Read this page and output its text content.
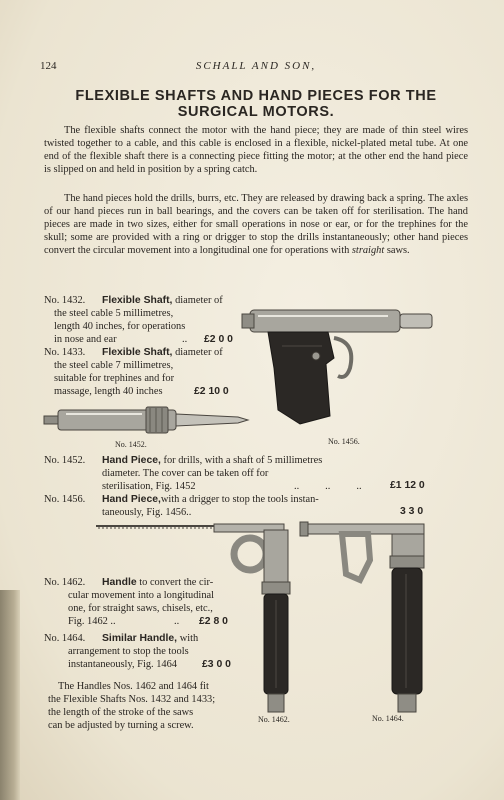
124	SCHALL AND SON,
FLEXIBLE SHAFTS AND HAND PIECES FOR THE
SURGICAL MOTORS.
The flexible shafts connect the motor with the hand piece; they are made of thin steel wires twisted together to a cable, and this cable is enclosed in a flexible, nickel-plated metal tube. At one end of the flexible shaft there is a connecting piece fitting the motor; at the other end the hand piece is slipped on and held in position by a spring catch.
The hand pieces hold the drills, burrs, etc. They are released by drawing back a spring. The axles of our hand pieces run in ball bearings, and the covers can be taken off for sterilisation. The hand pieces are made in two sizes, either for small operations in nose or ear, or for the trephines for the skull; some are provided with a ring or drigger to stop the drills instantaneously; other hand pieces convert the circular movement into a longitudinal one for operations with straight saws.
No. 1432. Flexible Shaft, diameter of
the steel cable 5 millimetres,
length 40 inches, for operations
in nose and ear	.. £2 0 0
No. 1433. Flexible Shaft, diameter of
the steel cable 7 millimetres,
suitable for trephines and for
massage, length 40 inches	£2 10 0
No. 1452.	No. 1456.
No. 1452. Hand Piece, for drills, with a shaft of 5 millimetres
diameter. The cover can be taken off for
sterilisation, Fig. 1452	..          ..          ..	£1 12 0
No. 1456. Hand Piece,with a drigger to stop the tools instan-
taneously, Fig. 1456..	3 3 0
No. 1462. Handle to convert the cir-
cular movement into a longitudinal
one, for straight saws, chisels, etc.,
Fig. 1462 ..	.. £2 8 0
No. 1464. Similar Handle, with
arrangement to stop the tools
instantaneously, Fig. 1464 £3 0 0
The Handles Nos. 1462 and 1464 fit
the Flexible Shafts Nos. 1432 and 1433;
the length of the stroke of the saws
can be adjusted by turning a screw.
No. 1462.	No. 1464.
